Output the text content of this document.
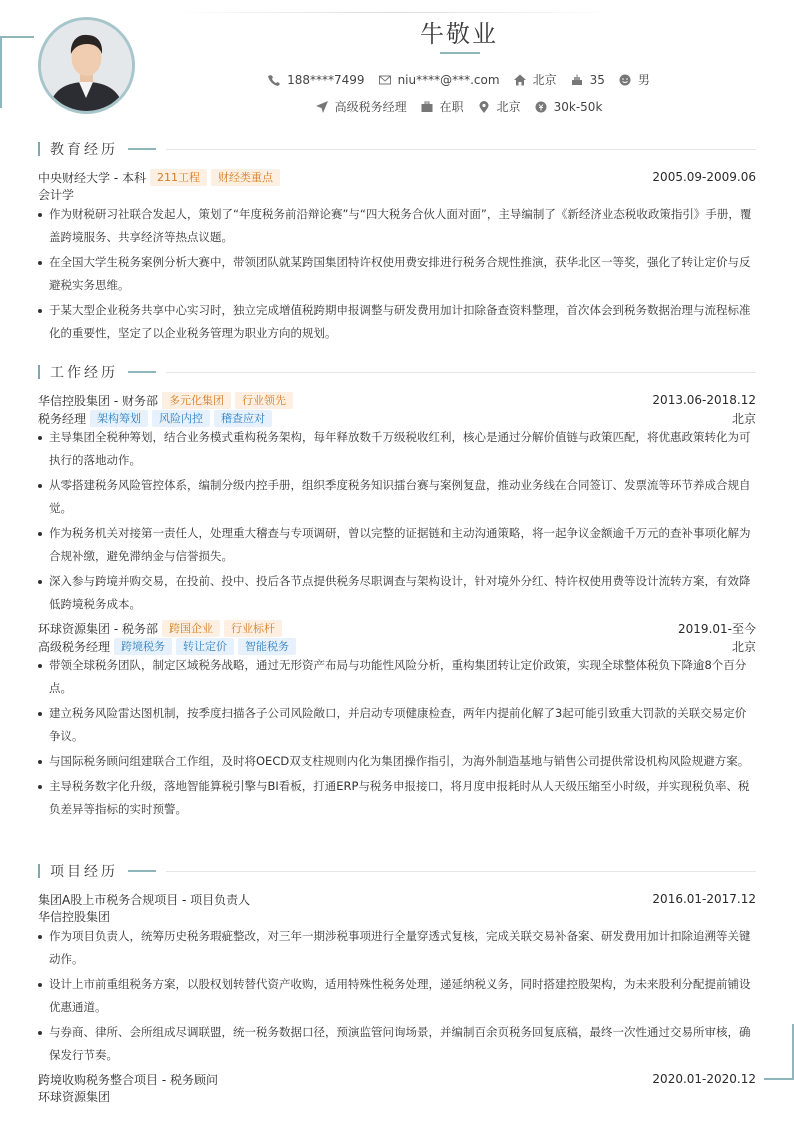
牛敬业
188****7499	niu****@***.com	北京	35	男
高级税务经理	在职	北京	30k-50k
教育经历
中央财经大学 - 本科	211工程	财经类重点	2005.09-2009.06
会计学
作为财税研习社联合发起人，策划了“年度税务前沿辩论赛”与“四大税务合伙人面对面”，主导编制了《新经济业态税收政策指引》手册，覆盖跨境服务、共享经济等热点议题。
在全国大学生税务案例分析大赛中，带领团队就某跨国集团特许权使用费安排进行税务合规性推演，获华北区一等奖，强化了转让定价与反避税实务思维。
于某大型企业税务共享中心实习时，独立完成增值税跨期申报调整与研发费用加计扣除备查资料整理，首次体会到税务数据治理与流程标准化的重要性，坚定了以企业税务管理为职业方向的规划。
工作经历
华信控股集团 - 财务部	多元化集团	行业领先	2013.06-2018.12
税务经理	架构筹划	风险内控	稽查应对	北京
主导集团全税种筹划，结合业务模式重构税务架构，每年释放数千万级税收红利，核心是通过分解价值链与政策匹配，将优惠政策转化为可执行的落地动作。
从零搭建税务风险管控体系，编制分级内控手册，组织季度税务知识擂台赛与案例复盘，推动业务线在合同签订、发票流等环节养成合规自觉。
作为税务机关对接第一责任人，处理重大稽查与专项调研，曾以完整的证据链和主动沟通策略，将一起争议金额逾千万元的查补事项化解为合规补缴，避免滞纳金与信誉损失。
深入参与跨境并购交易，在投前、投中、投后各节点提供税务尽职调查与架构设计，针对境外分红、特许权使用费等设计流转方案，有效降低跨境税务成本。
环球资源集团 - 税务部	跨国企业	行业标杆	2019.01-至今
高级税务经理	跨境税务	转让定价	智能税务	北京
带领全球税务团队，制定区域税务战略，通过无形资产布局与功能性风险分析，重构集团转让定价政策，实现全球整体税负下降逾8个百分点。
建立税务风险雷达图机制，按季度扫描各子公司风险敞口，并启动专项健康检查，两年内提前化解了3起可能引致重大罚款的关联交易定价争议。
与国际税务顾问组建联合工作组，及时将OECD双支柱规则内化为集团操作指引，为海外制造基地与销售公司提供常设机构风险规避方案。
主导税务数字化升级，落地智能算税引擎与BI看板，打通ERP与税务申报接口，将月度申报耗时从人天级压缩至小时级，并实现税负率、税负差异等指标的实时预警。
项目经历
集团A股上市税务合规项目 - 项目负责人	2016.01-2017.12
华信控股集团
作为项目负责人，统筹历史税务瑕疵整改，对三年一期涉税事项进行全量穿透式复核，完成关联交易补备案、研发费用加计扣除追溯等关键动作。
设计上市前重组税务方案，以股权划转替代资产收购，适用特殊性税务处理，递延纳税义务，同时搭建控股架构，为未来股利分配提前铺设优惠通道。
与券商、律所、会所组成尽调联盟，统一税务数据口径，预演监管问询场景，并编制百余页税务回复底稿，最终一次性通过交易所审核，确保发行节奏。
跨境收购税务整合项目 - 税务顾问	2020.01-2020.12
环球资源集团
